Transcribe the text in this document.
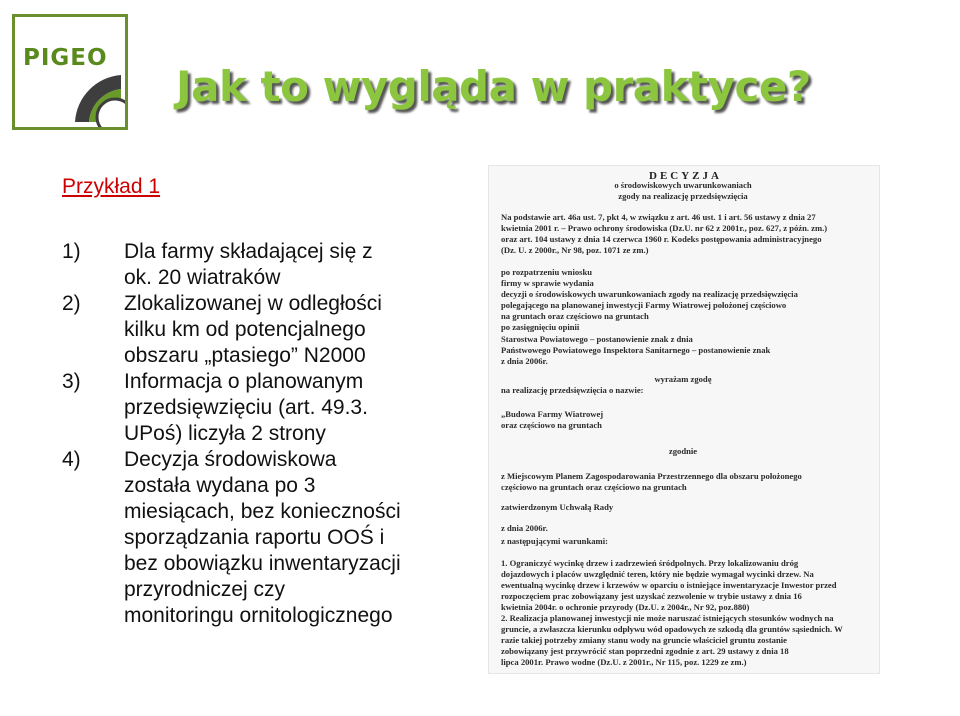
PIGEO
Jak to wygląda w praktyce?
Przykład 1
1) Dla farmy składającej się z
ok. 20 wiatraków
2) Zlokalizowanej w odległości
kilku km od potencjalnego
obszaru „ptasiego” N2000
3) Informacja o planowanym
przedsięwzięciu (art. 49.3.
UPoś) liczyła 2 strony
4) Decyzja środowiskowa
została wydana po 3
miesiącach, bez konieczności
sporządzania raportu OOŚ i
bez obowiązku inwentaryzacji
przyrodniczej czy
monitoringu ornitologicznego
DECYZJA
o środowiskowych uwarunkowaniach
zgody na realizację przedsięwzięcia
Na podstawie art. 46a ust. 7, pkt 4, w związku z art. 46 ust. 1 i art. 56 ustawy z dnia 27
kwietnia 2001 r. – Prawo ochrony środowiska (Dz.U. nr 62 z 2001r., poz. 627, z późn. zm.)
oraz art. 104 ustawy z dnia 14 czerwca 1960 r. Kodeks postępowania administracyjnego
(Dz. U. z 2000r., Nr 98, poz. 1071 ze zm.)
po rozpatrzeniu wniosku
firmy w sprawie wydania
decyzji o środowiskowych uwarunkowaniach zgody na realizację przedsięwzięcia
polegającego na planowanej inwestycji Farmy Wiatrowej położonej częściowo
na gruntach oraz częściowo na gruntach
po zasięgnięciu opinii
Starostwa Powiatowego – postanowienie znak z dnia
Państwowego Powiatowego Inspektora Sanitarnego – postanowienie znak
z dnia 2006r.
wyrażam zgodę
na realizację przedsięwzięcia o nazwie:
„Budowa Farmy Wiatrowej
oraz częściowo na gruntach
zgodnie
z Miejscowym Planem Zagospodarowania Przestrzennego dla obszaru położonego
częściowo na gruntach oraz częściowo na gruntach
zatwierdzonym Uchwałą Rady
z dnia 2006r.
z następującymi warunkami:
1. Ograniczyć wycinkę drzew i zadrzewień śródpolnych. Przy lokalizowaniu dróg
dojazdowych i placów uwzględnić teren, który nie będzie wymagał wycinki drzew. Na
ewentualną wycinkę drzew i krzewów w oparciu o istniejące inwentaryzacje Inwestor przed
rozpoczęciem prac zobowiązany jest uzyskać zezwolenie w trybie ustawy z dnia 16
kwietnia 2004r. o ochronie przyrody (Dz.U. z 2004r., Nr 92, poz.880)
2. Realizacja planowanej inwestycji nie może naruszać istniejących stosunków wodnych na
gruncie, a zwłaszcza kierunku odpływu wód opadowych ze szkodą dla gruntów sąsiednich. W
razie takiej potrzeby zmiany stanu wody na gruncie właściciel gruntu zostanie
zobowiązany jest przywrócić stan poprzedni zgodnie z art. 29 ustawy z dnia 18
lipca 2001r. Prawo wodne (Dz.U. z 2001r., Nr 115, poz. 1229 ze zm.)
